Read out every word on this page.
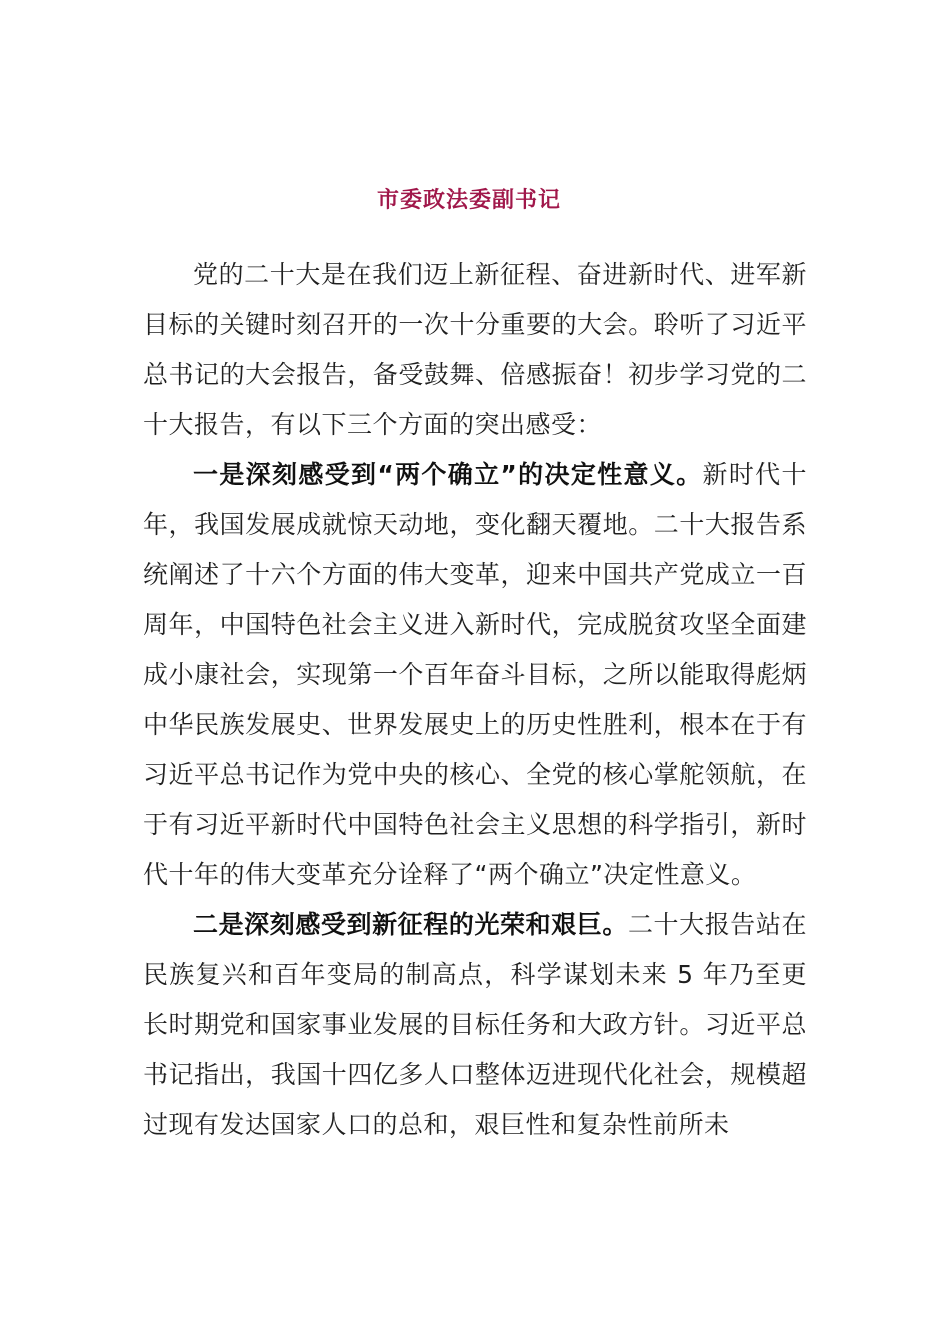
市委政法委副书记

党的二十大是在我们迈上新征程、奋进新时代、进军新目标的关键时刻召开的一次十分重要的大会。聆听了习近平总书记的大会报告，备受鼓舞、倍感振奋！初步学习党的二十大报告，有以下三个方面的突出感受：

一是深刻感受到“两个确立”的决定性意义。新时代十年，我国发展成就惊天动地，变化翻天覆地。二十大报告系统阐述了十六个方面的伟大变革，迎来中国共产党成立一百周年，中国特色社会主义进入新时代，完成脱贫攻坚全面建成小康社会，实现第一个百年奋斗目标，之所以能取得彪炳中华民族发展史、世界发展史上的历史性胜利，根本在于有习近平总书记作为党中央的核心、全党的核心掌舵领航，在于有习近平新时代中国特色社会主义思想的科学指引，新时代十年的伟大变革充分诠释了“两个确立”决定性意义。

二是深刻感受到新征程的光荣和艰巨。二十大报告站在民族复兴和百年变局的制高点，科学谋划未来 5 年乃至更长时期党和国家事业发展的目标任务和大政方针。习近平总书记指出，我国十四亿多人口整体迈进现代化社会，规模超过现有发达国家人口的总和，艰巨性和复杂性前所未
